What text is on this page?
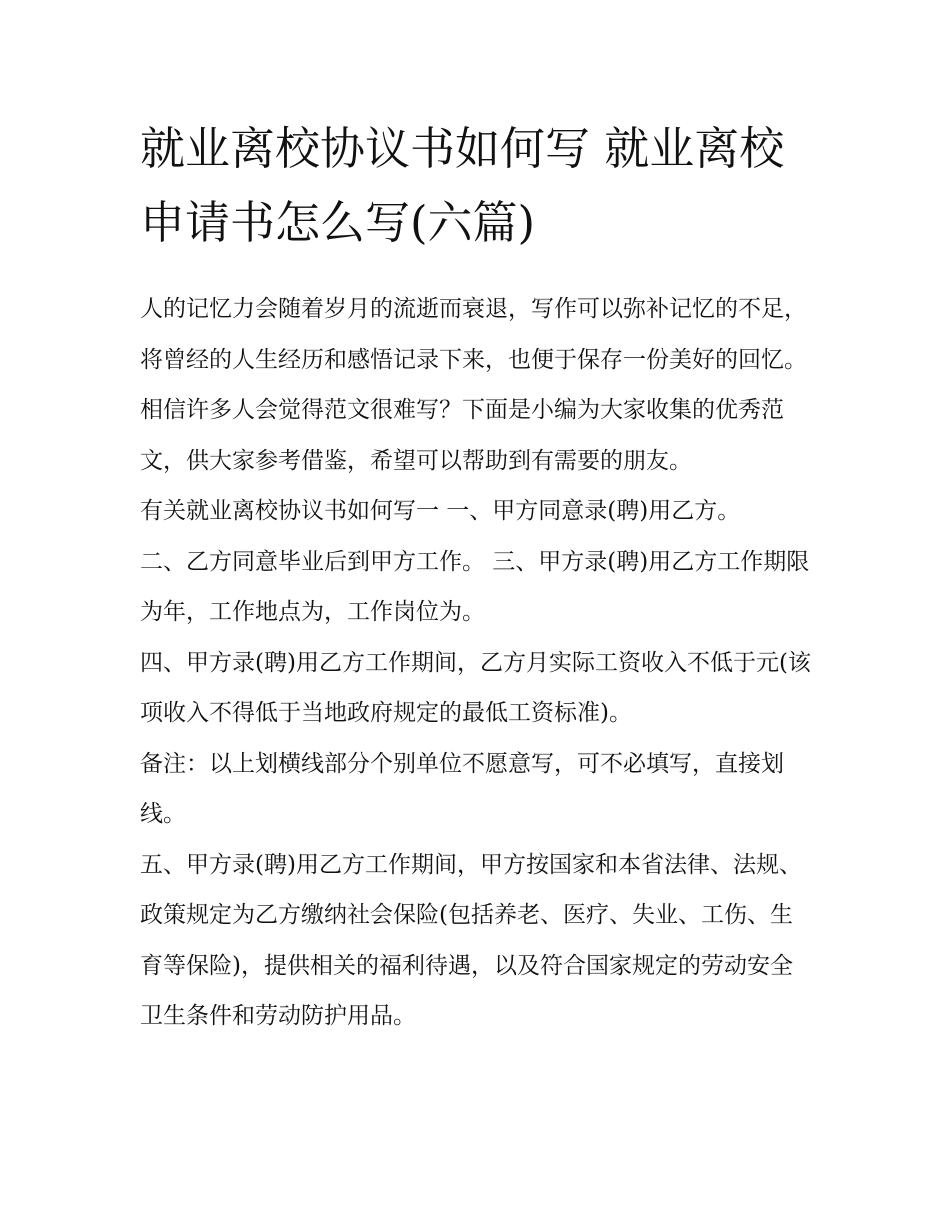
就业离校协议书如何写 就业离校申请书怎么写(六篇)

人的记忆力会随着岁月的流逝而衰退，写作可以弥补记忆的不足，将曾经的人生经历和感悟记录下来，也便于保存一份美好的回忆。相信许多人会觉得范文很难写？下面是小编为大家收集的优秀范文，供大家参考借鉴，希望可以帮助到有需要的朋友。

有关就业离校协议书如何写一 一、甲方同意录(聘)用乙方。

二、乙方同意毕业后到甲方工作。 三、甲方录(聘)用乙方工作期限为年，工作地点为，工作岗位为。

四、甲方录(聘)用乙方工作期间，乙方月实际工资收入不低于元(该项收入不得低于当地政府规定的最低工资标准)。

备注：以上划横线部分个别单位不愿意写，可不必填写，直接划线。

五、甲方录(聘)用乙方工作期间，甲方按国家和本省法律、法规、政策规定为乙方缴纳社会保险(包括养老、医疗、失业、工伤、生育等保险)，提供相关的福利待遇，以及符合国家规定的劳动安全卫生条件和劳动防护用品。
